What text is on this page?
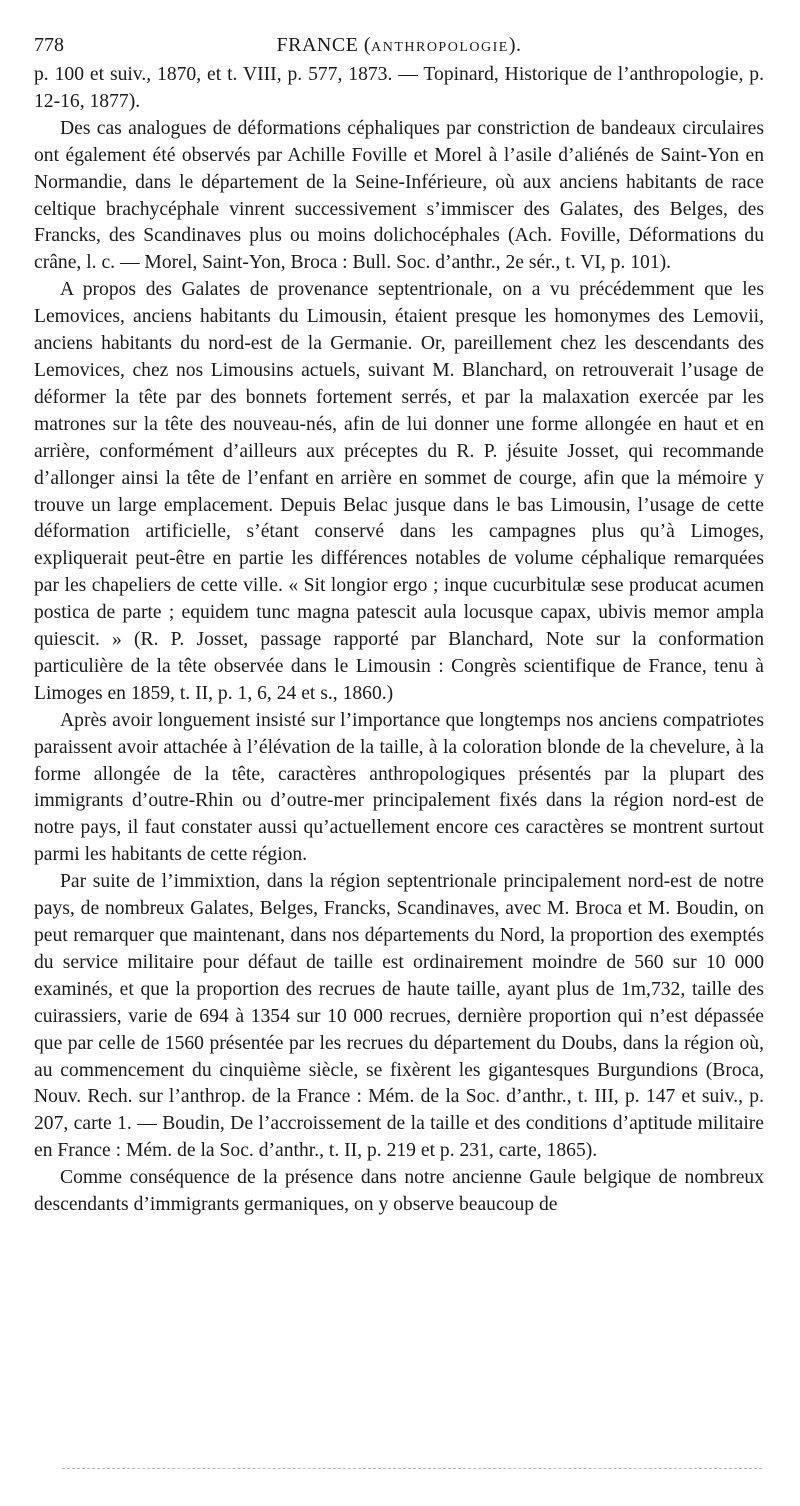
778	FRANCE (ANTHROPOLOGIE).

p. 100 et suiv., 1870, et t. VIII, p. 577, 1873. — Topinard, Historique de l’anthropologie, p. 12-16, 1877).

Des cas analogues de déformations céphaliques par constriction de bandeaux circulaires ont également été observés par Achille Foville et Morel à l’asile d’aliénés de Saint-Yon en Normandie, dans le département de la Seine-Inférieure, où aux anciens habitants de race celtique brachycéphale vinrent successivement s’immiscer des Galates, des Belges, des Francks, des Scandinaves plus ou moins dolichocéphales (Ach. Foville, Déformations du crâne, l. c. — Morel, Saint-Yon, Broca : Bull. Soc. d’anthr., 2e sér., t. VI, p. 101).

A propos des Galates de provenance septentrionale, on a vu précédemment que les Lemovices, anciens habitants du Limousin, étaient presque les homonymes des Lemovii, anciens habitants du nord-est de la Germanie. Or, pareillement chez les descendants des Lemovices, chez nos Limousins actuels, suivant M. Blanchard, on retrouverait l’usage de déformer la tête par des bonnets fortement serrés, et par la malaxation exercée par les matrones sur la tête des nouveau-nés, afin de lui donner une forme allongée en haut et en arrière, conformément d’ailleurs aux préceptes du R. P. jésuite Josset, qui recommande d’allonger ainsi la tête de l’enfant en arrière en sommet de courge, afin que la mémoire y trouve un large emplacement. Depuis Belac jusque dans le bas Limousin, l’usage de cette déformation artificielle, s’étant conservé dans les campagnes plus qu’à Limoges, expliquerait peut-être en partie les différences notables de volume céphalique remarquées par les chapeliers de cette ville. « Sit longior ergo ; inque cucurbitulæ sese producat acumen postica de parte ; equidem tunc magna patescit aula locusque capax, ubivis memor ampla quiescit. » (R. P. Josset, passage rapporté par Blanchard, Note sur la conformation particulière de la tête observée dans le Limousin : Congrès scientifique de France, tenu à Limoges en 1859, t. II, p. 1, 6, 24 et s., 1860.)

Après avoir longuement insisté sur l’importance que longtemps nos anciens compatriotes paraissent avoir attachée à l’élévation de la taille, à la coloration blonde de la chevelure, à la forme allongée de la tête, caractères anthropologiques présentés par la plupart des immigrants d’outre-Rhin ou d’outre-mer principalement fixés dans la région nord-est de notre pays, il faut constater aussi qu’actuellement encore ces caractères se montrent surtout parmi les habitants de cette région.

Par suite de l’immixtion, dans la région septentrionale principalement nord-est de notre pays, de nombreux Galates, Belges, Francks, Scandinaves, avec M. Broca et M. Boudin, on peut remarquer que maintenant, dans nos départements du Nord, la proportion des exemptés du service militaire pour défaut de taille est ordinairement moindre de 560 sur 10 000 examinés, et que la proportion des recrues de haute taille, ayant plus de 1m,732, taille des cuirassiers, varie de 694 à 1354 sur 10 000 recrues, dernière proportion qui n’est dépassée que par celle de 1560 présentée par les recrues du département du Doubs, dans la région où, au commencement du cinquième siècle, se fixèrent les gigantesques Burgundions (Broca, Nouv. Rech. sur l’anthrop. de la France : Mém. de la Soc. d’anthr., t. III, p. 147 et suiv., p. 207, carte 1. — Boudin, De l’accroissement de la taille et des conditions d’aptitude militaire en France : Mém. de la Soc. d’anthr., t. II, p. 219 et p. 231, carte, 1865).

Comme conséquence de la présence dans notre ancienne Gaule belgique de nombreux descendants d’immigrants germaniques, on y observe beaucoup de
